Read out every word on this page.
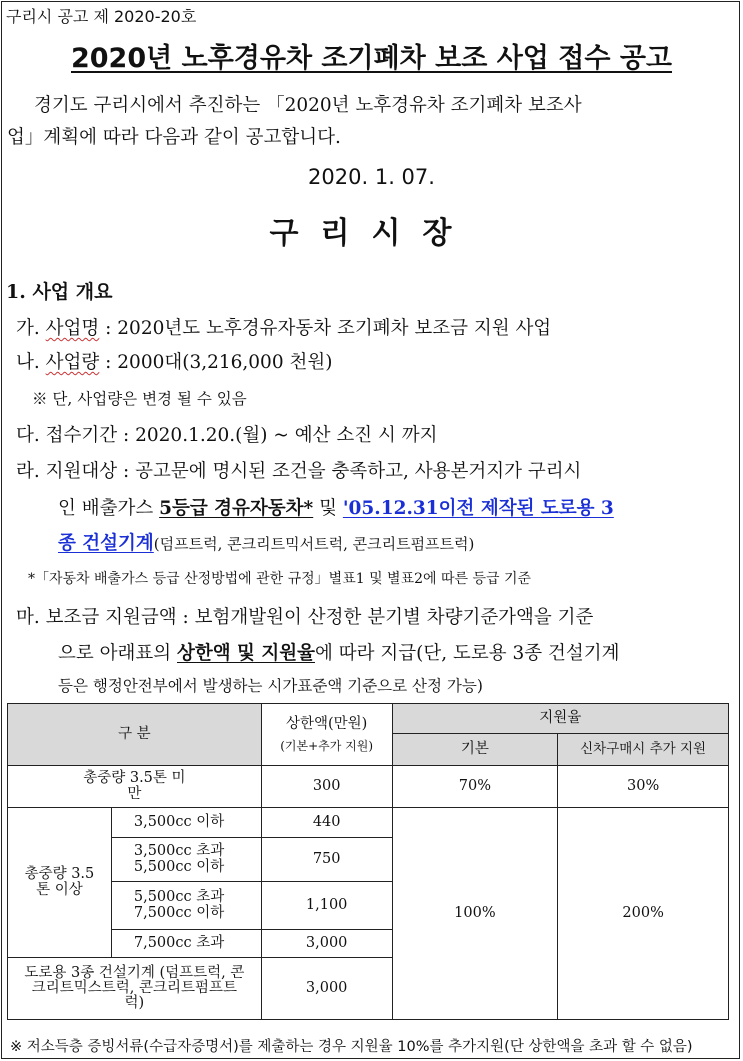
구리시 공고 제 2020-20호
2020년 노후경유차 조기폐차 보조 사업 접수 공고
경기도 구리시에서 추진하는 「2020년 노후경유차 조기폐차 보조사
업」계획에 따라 다음과 같이 공고합니다.
2020. 1. 07.
구리시장
1. 사업 개요
가. 사업명 : 2020년도 노후경유자동차 조기폐차 보조금 지원 사업
나. 사업량 : 2000대(3,216,000 천원)
※ 단, 사업량은 변경 될 수 있음
다. 접수기간 : 2020.1.20.(월) ~ 예산 소진 시 까지
라. 지원대상 : 공고문에 명시된 조건을 충족하고, 사용본거지가 구리시
인 배출가스 5등급 경유자동차* 및 '05.12.31이전 제작된 도로용 3
종 건설기계(덤프트럭, 콘크리트믹서트럭, 콘크리트펌프트럭)
*「자동차 배출가스 등급 산정방법에 관한 규정」별표1 및 별표2에 따른 등급 기준
마. 보조금 지원금액 : 보험개발원이 산정한 분기별 차량기준가액을 기준
으로 아래표의 상한액 및 지원율에 따라 지급(단, 도로용 3종 건설기계
등은 행정안전부에서 발생하는 시가표준액 기준으로 산정 가능)
구 분		상한액(만원)
(기본+추가 지원)	지원율	
			기본	신차구매시 추가 지원
총중량 3.5톤 미만		300	70%	30%
총중량 3.5톤 이상	3,500cc 이하	440	100%	200%
	3,500cc 초과 5,500cc 이하	750		
	5,500cc 초과 7,500cc 이하	1,100		
	7,500cc 초과	3,000		
도로용 3종 건설기계 (덤프트럭, 콘크리트믹스트럭, 콘크리트펌프트럭)		3,000		
※ 저소득층 증빙서류(수급자증명서)를 제출하는 경우 지원율 10%를 추가지원(단 상한액을 초과 할 수 없음)
